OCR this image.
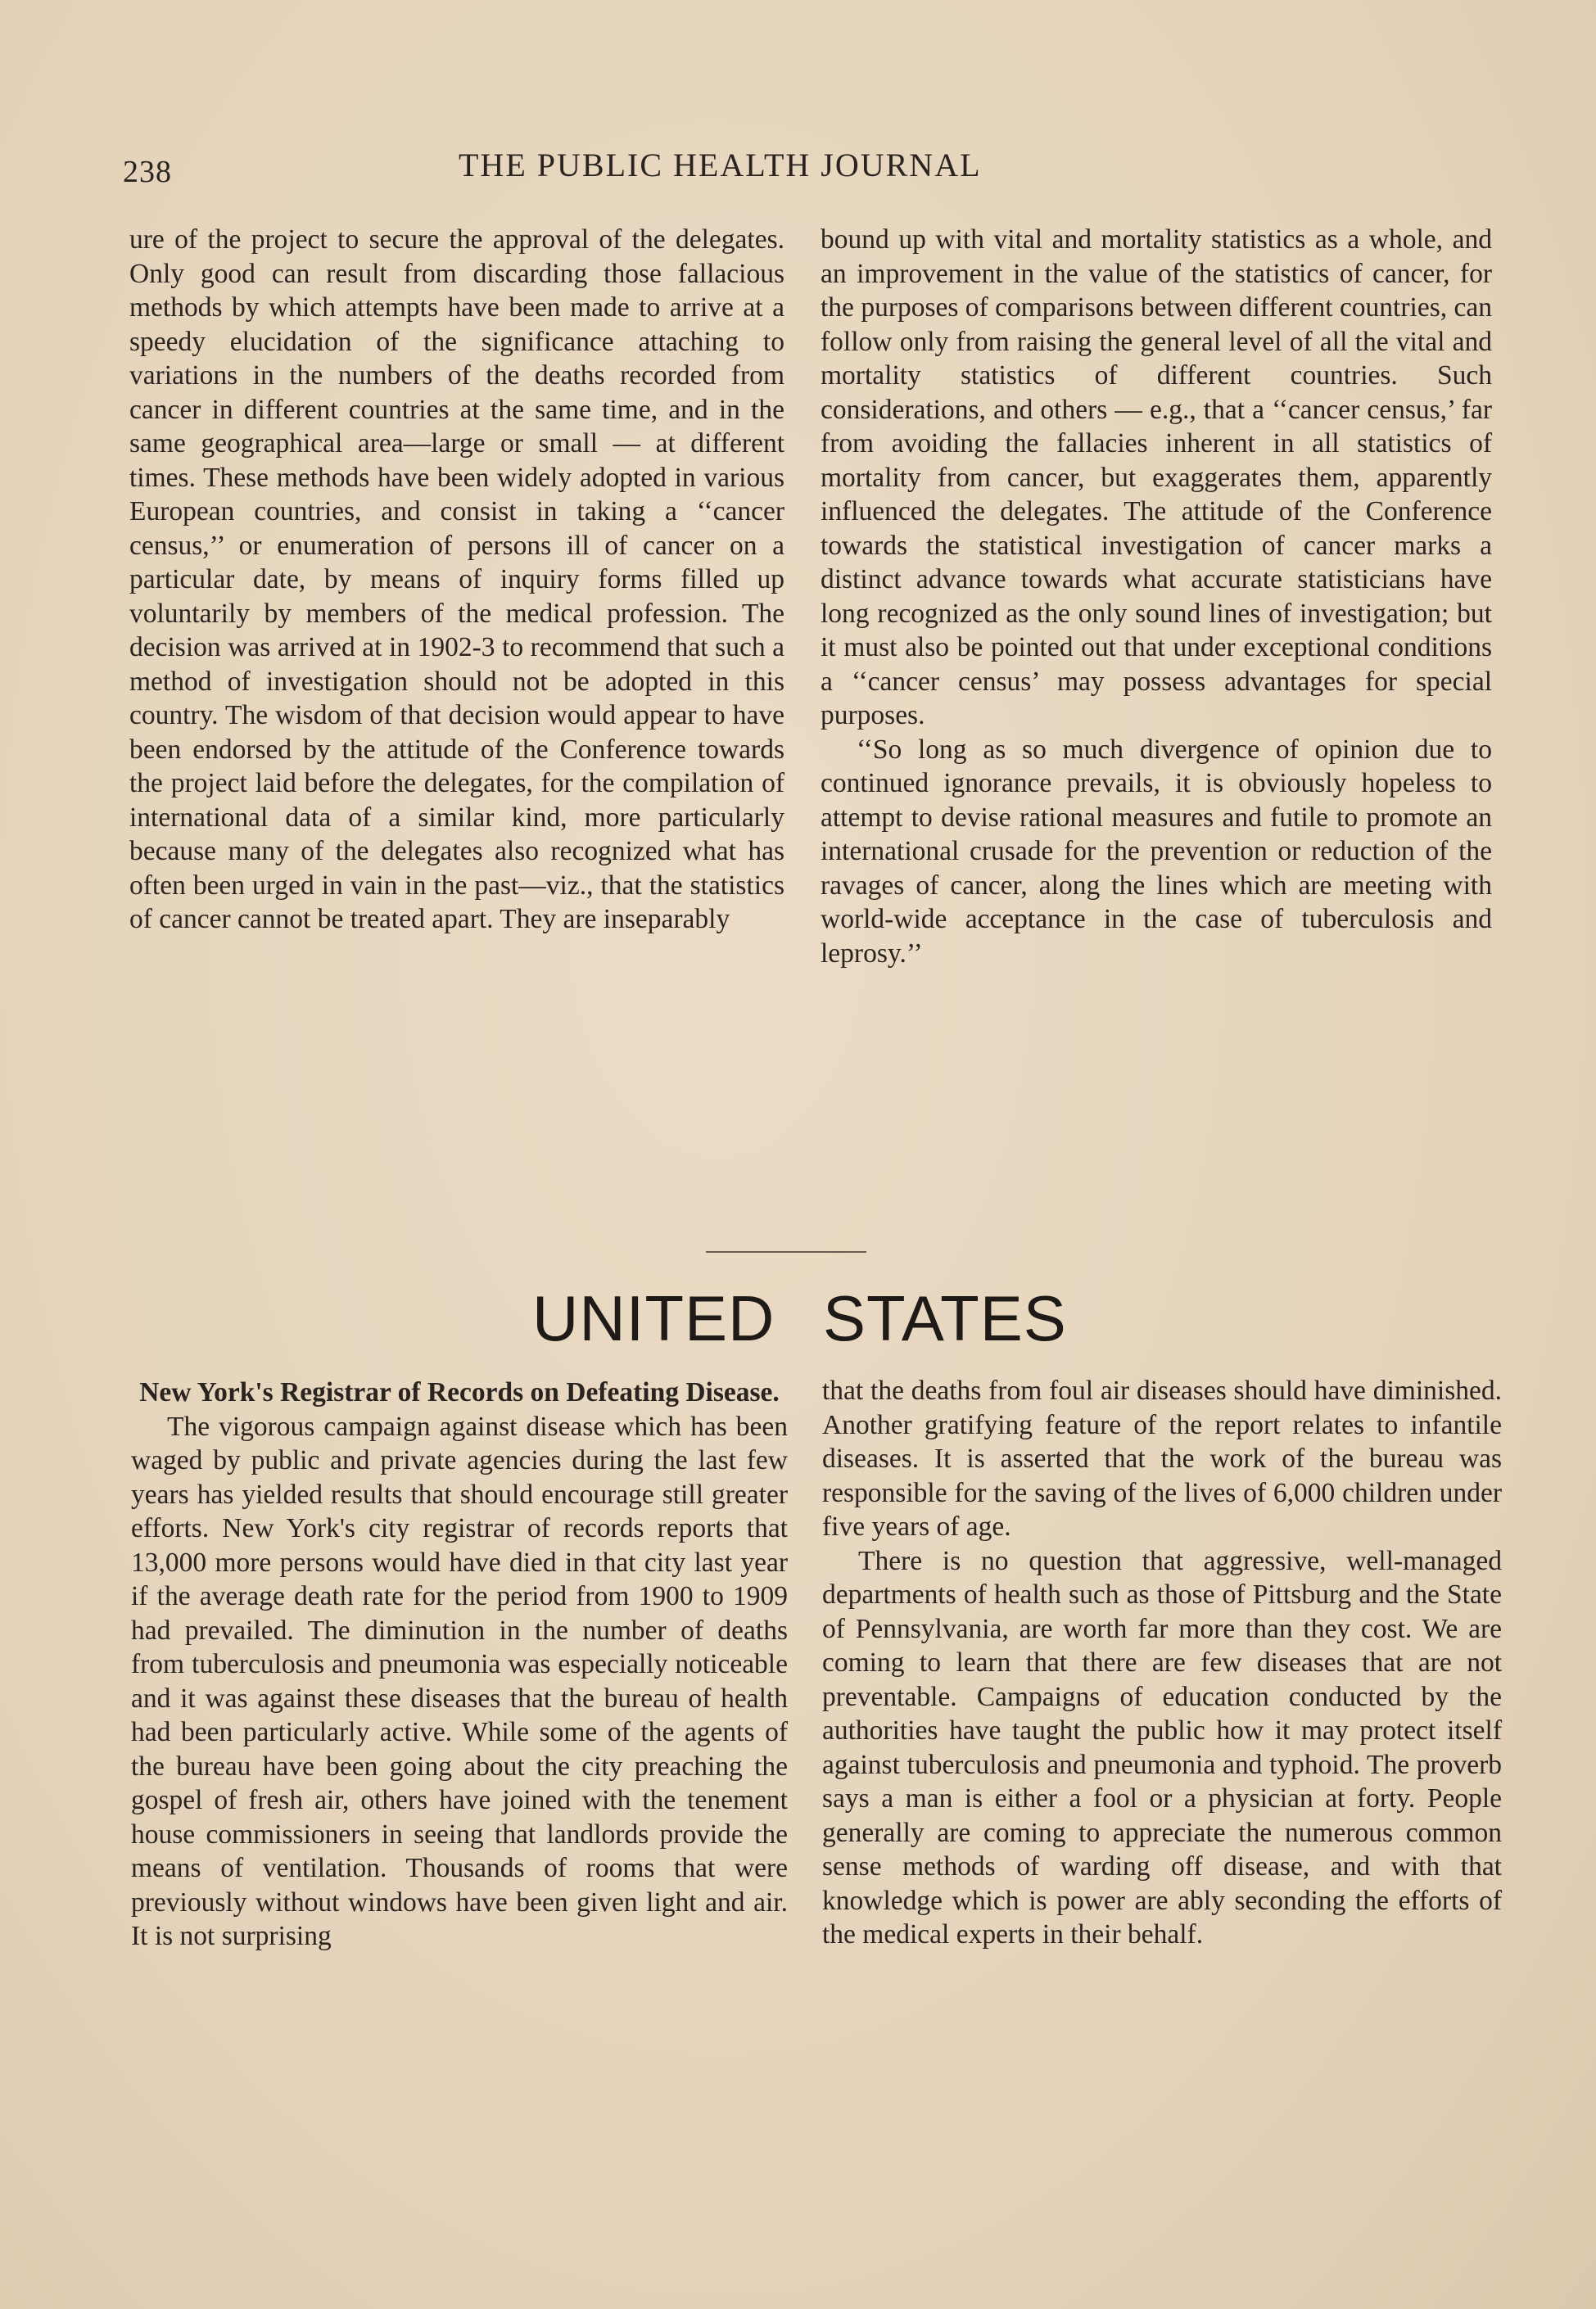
238	THE PUBLIC HEALTH JOURNAL

ure of the project to secure the approval of the delegates. Only good can result from discarding those fallacious methods by which attempts have been made to arrive at a speedy elucidation of the significance attaching to variations in the numbers of the deaths recorded from cancer in different countries at the same time, and in the same geographical area—large or small — at different times. These methods have been widely adopted in various European countries, and consist in taking a ‘‘cancer census,’’ or enumeration of persons ill of cancer on a particular date, by means of inquiry forms filled up voluntarily by members of the medical profession. The decision was arrived at in 1902-3 to recommend that such a method of investigation should not be adopted in this country. The wisdom of that decision would appear to have been endorsed by the attitude of the Conference towards the project laid before the delegates, for the compilation of international data of a similar kind, more particularly because many of the delegates also recognized what has often been urged in vain in the past—viz., that the statistics of cancer cannot be treated apart. They are inseparably

bound up with vital and mortality statistics as a whole, and an improvement in the value of the statistics of cancer, for the purposes of comparisons between different countries, can follow only from raising the general level of all the vital and mortality statistics of different countries. Such considerations, and others — e.g., that a ‘‘cancer census,’ far from avoiding the fallacies inherent in all statistics of mortality from cancer, but exaggerates them, apparently influenced the delegates. The attitude of the Conference towards the statistical investigation of cancer marks a distinct advance towards what accurate statisticians have long recognized as the only sound lines of investigation; but it must also be pointed out that under exceptional conditions a ‘‘cancer census’ may possess advantages for special purposes.

‘‘So long as so much divergence of opinion due to continued ignorance prevails, it is obviously hopeless to attempt to devise rational measures and futile to promote an international crusade for the prevention or reduction of the ravages of cancer, along the lines which are meeting with world-wide acceptance in the case of tuberculosis and leprosy.’’

UNITED STATES

New York's Registrar of Records on Defeating Disease.

The vigorous campaign against disease which has been waged by public and private agencies during the last few years has yielded results that should encourage still greater efforts. New York's city registrar of records reports that 13,000 more persons would have died in that city last year if the average death rate for the period from 1900 to 1909 had prevailed. The diminution in the number of deaths from tuberculosis and pneumonia was especially noticeable and it was against these diseases that the bureau of health had been particularly active. While some of the agents of the bureau have been going about the city preaching the gospel of fresh air, others have joined with the tenement house commissioners in seeing that landlords provide the means of ventilation. Thousands of rooms that were previously without windows have been given light and air. It is not surprising

that the deaths from foul air diseases should have diminished. Another gratifying feature of the report relates to infantile diseases. It is asserted that the work of the bureau was responsible for the saving of the lives of 6,000 children under five years of age.

There is no question that aggressive, well-managed departments of health such as those of Pittsburg and the State of Pennsylvania, are worth far more than they cost. We are coming to learn that there are few diseases that are not preventable. Campaigns of education conducted by the authorities have taught the public how it may protect itself against tuberculosis and pneumonia and typhoid. The proverb says a man is either a fool or a physician at forty. People generally are coming to appreciate the numerous common sense methods of warding off disease, and with that knowledge which is power are ably seconding the efforts of the medical experts in their behalf.
